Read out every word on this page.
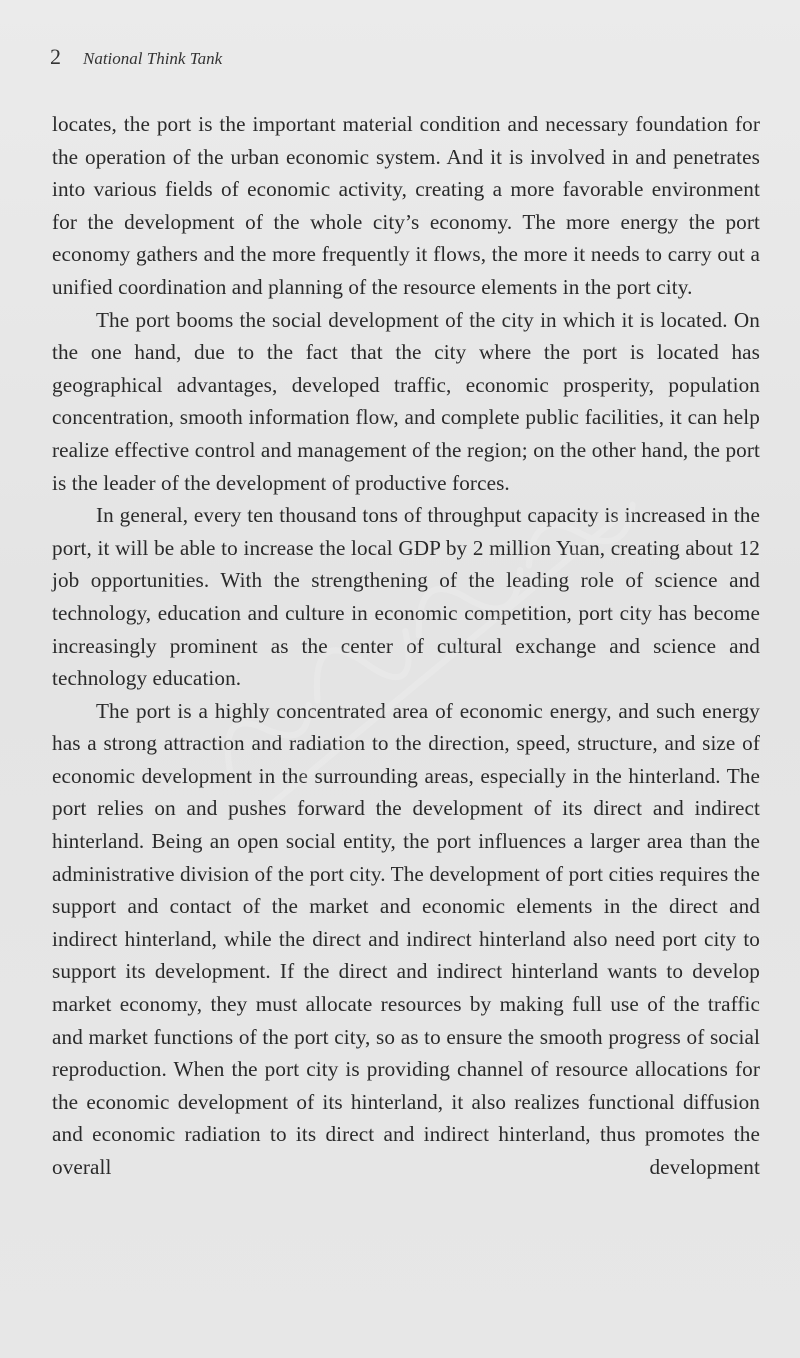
2 National Think Tank

locates, the port is the important material condition and necessary foundation for the operation of the urban economic system. And it is involved in and penetrates into various fields of economic activity, creating a more favorable environment for the development of the whole city’s economy. The more energy the port economy gathers and the more frequently it flows, the more it needs to carry out a unified coordination and planning of the resource elements in the port city.

The port booms the social development of the city in which it is located. On the one hand, due to the fact that the city where the port is located has geographical advantages, developed traffic, economic prosperity, population concentration, smooth information flow, and complete public facilities, it can help realize effective control and management of the region; on the other hand, the port is the leader of the development of productive forces.

In general, every ten thousand tons of throughput capacity is increased in the port, it will be able to increase the local GDP by 2 million Yuan, creating about 12 job opportunities. With the strengthening of the leading role of science and technology, education and culture in economic competition, port city has become increasingly prominent as the center of cultural exchange and science and technology education.

The port is a highly concentrated area of economic energy, and such energy has a strong attraction and radiation to the direction, speed, structure, and size of economic development in the surrounding areas, especially in the hinterland. The port relies on and pushes forward the development of its direct and indirect hinterland. Being an open social entity, the port influences a larger area than the administrative division of the port city. The development of port cities requires the support and contact of the market and economic elements in the direct and indirect hinterland, while the direct and indirect hinterland also need port city to support its development. If the direct and indirect hinterland wants to develop market economy, they must allocate resources by making full use of the traffic and market functions of the port city, so as to ensure the smooth progress of social reproduction. When the port city is providing channel of resource allocations for the economic development of its hinterland, it also realizes functional diffusion and economic radiation to its direct and indirect hinterland, thus promotes the overall development
